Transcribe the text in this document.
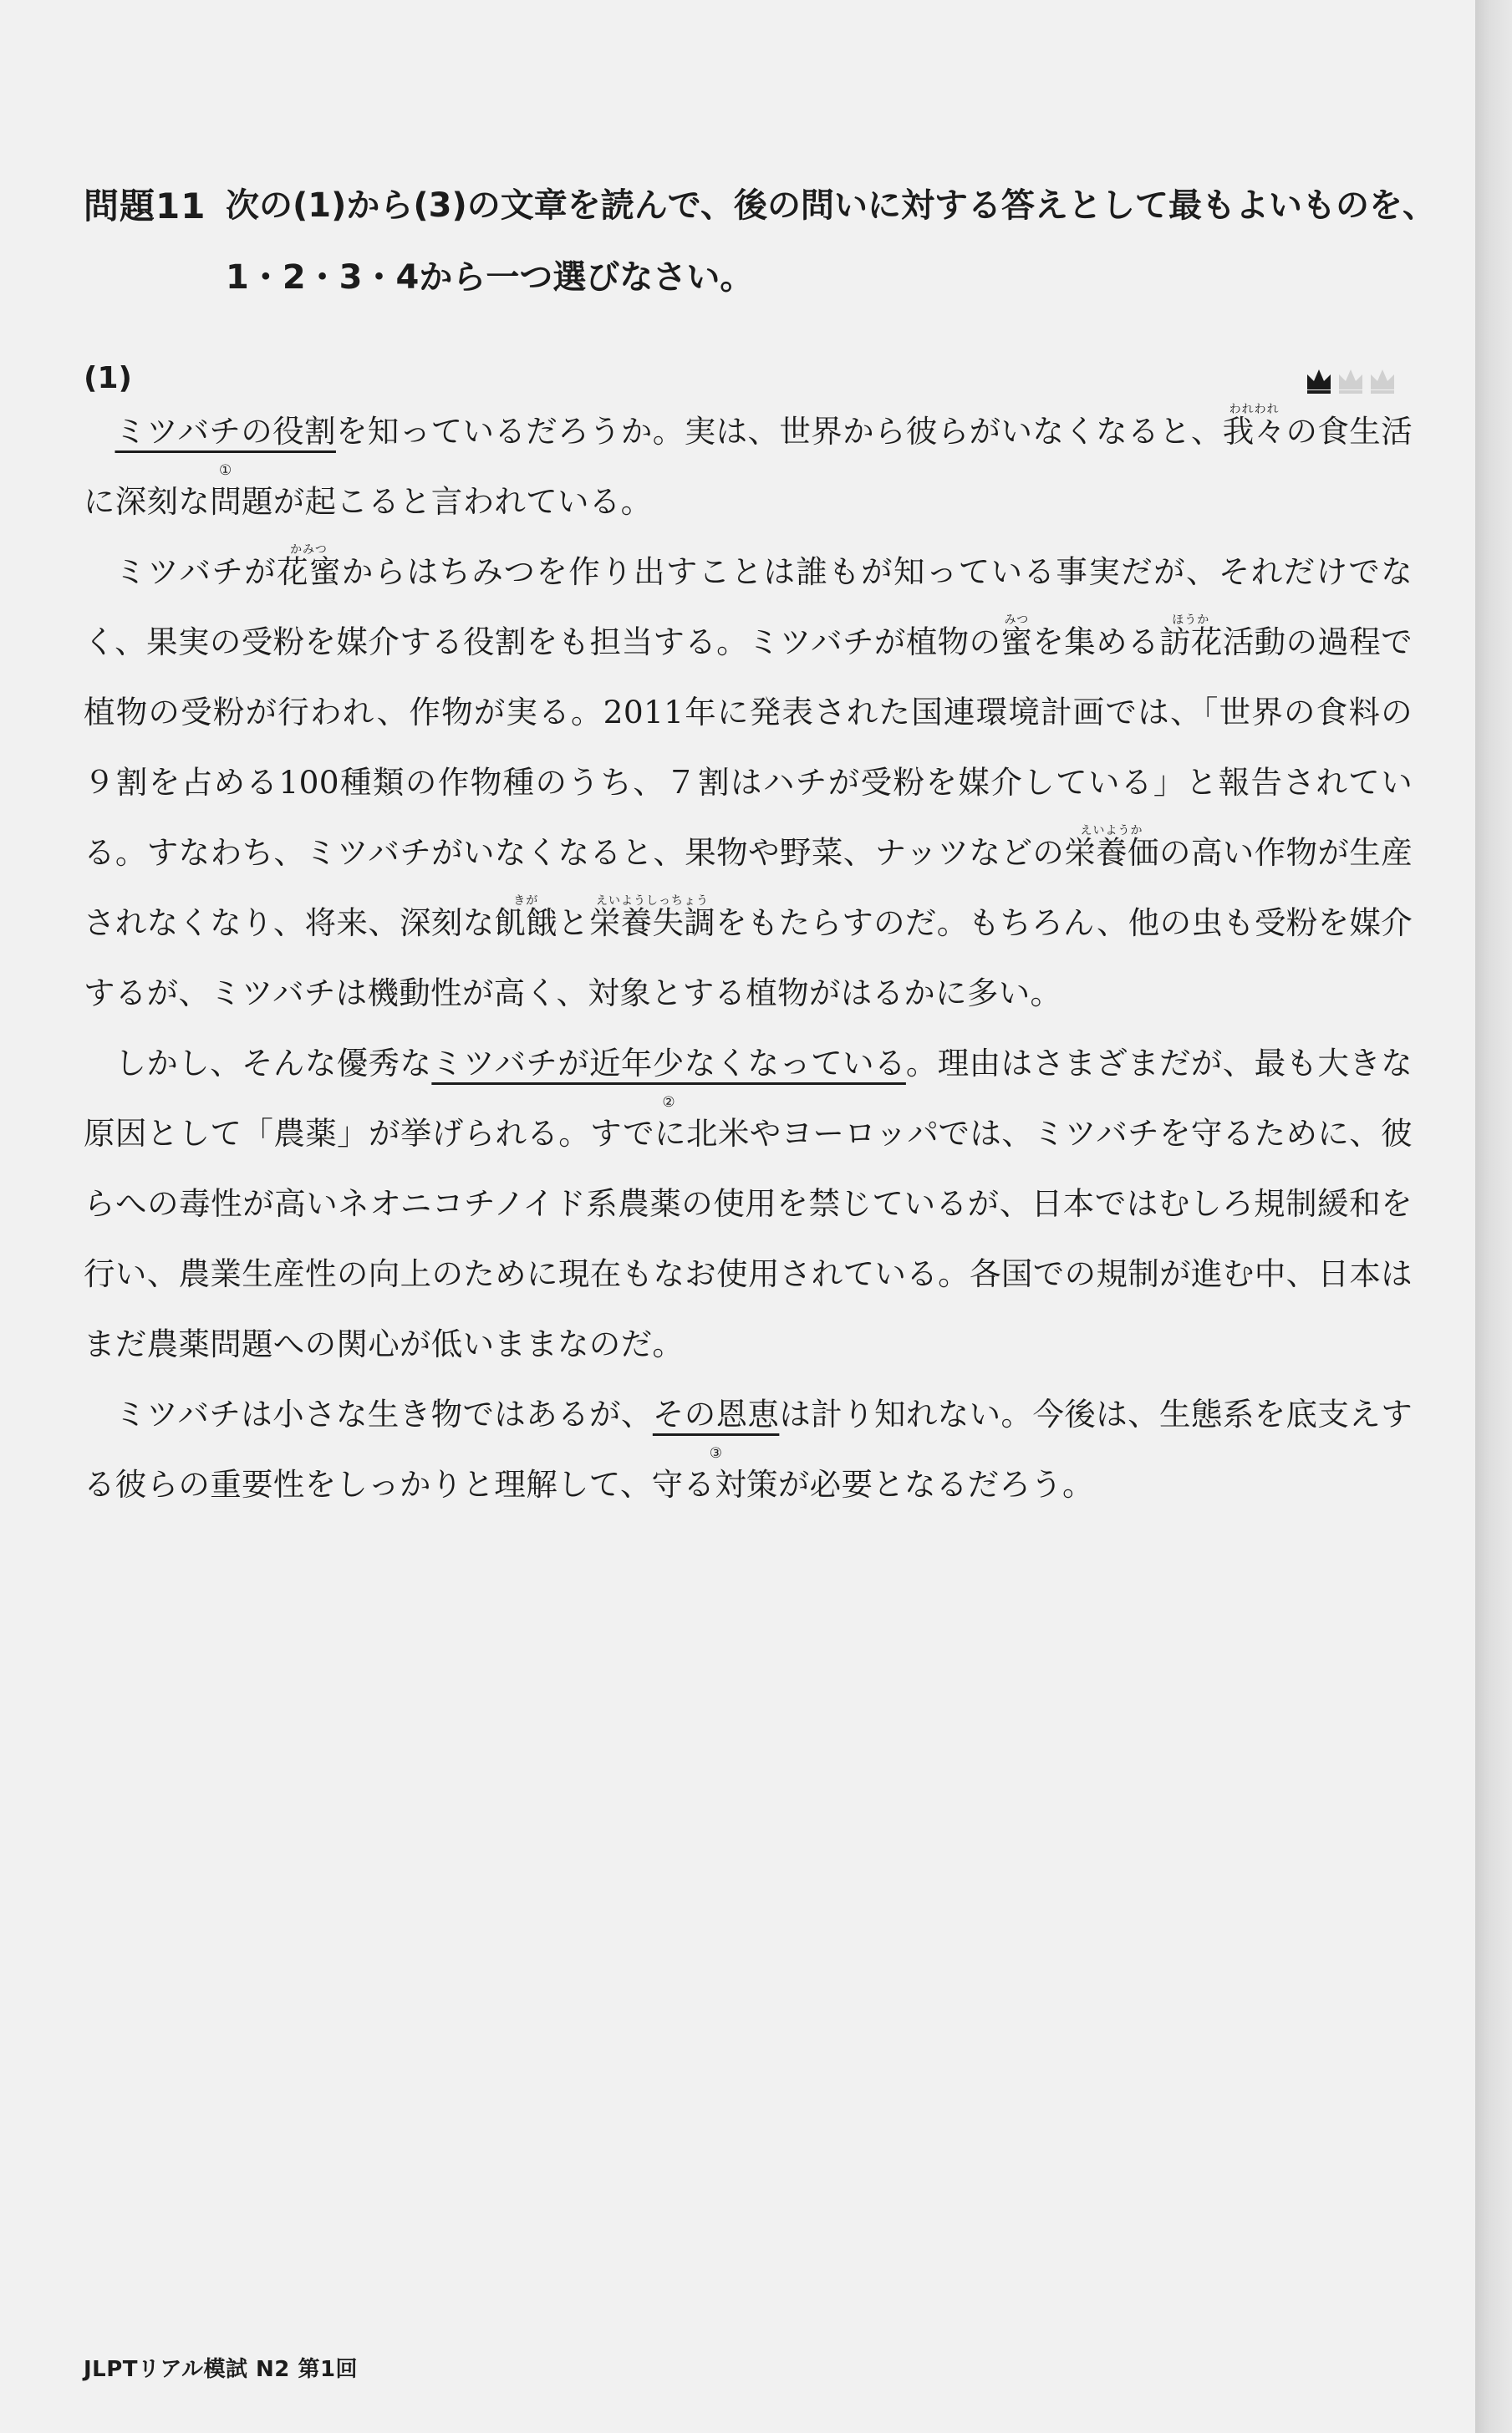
問題11 次の(1)から(3)の文章を読んで、後の問いに対する答えとして最もよいものを、
1・2・3・4から一つ選びなさい。
(1)

ミツバチの役割
①
を知っているだろうか。実は、世界から彼らがいなくなると、我々われわれの食生活に深刻な問題が起こると言われている。

ミツバチが花蜜かみつからはちみつを作り出すことは誰もが知っている事実だが、それだけでなく、果実の受粉を媒介する役割をも担当する。ミツバチが植物の蜜みつを集める訪花ほうか活動の過程で植物の受粉が行われ、作物が実る。2011年に発表された国連環境計画では、「世界の食料の９割を占める100種類の作物種のうち、７割はハチが受粉を媒介している」と報告されている。すなわち、ミツバチがいなくなると、果物や野菜、ナッツなどの栄養価えいようかの高い作物が生産されなくなり、将来、深刻な飢餓きがと栄養失調えいようしっちょうをもたらすのだ。もちろん、他の虫も受粉を媒介するが、ミツバチは機動性が高く、対象とする植物がはるかに多い。

しかし、そんな優秀なミツバチが近年少なくなっている
②
。理由はさまざまだが、最も大きな原因として「農薬」が挙げられる。すでに北米やヨーロッパでは、ミツバチを守るために、彼らへの毒性が高いネオニコチノイド系農薬の使用を禁じているが、日本ではむしろ規制緩和を行い、農業生産性の向上のために現在もなお使用されている。各国での規制が進む中、日本はまだ農薬問題への関心が低いままなのだ。

ミツバチは小さな生き物ではあるが、その恩恵
③
は計り知れない。今後は、生態系を底支えする彼らの重要性をしっかりと理解して、守る対策が必要となるだろう。

JLPTリアル模試 N2 第1回
